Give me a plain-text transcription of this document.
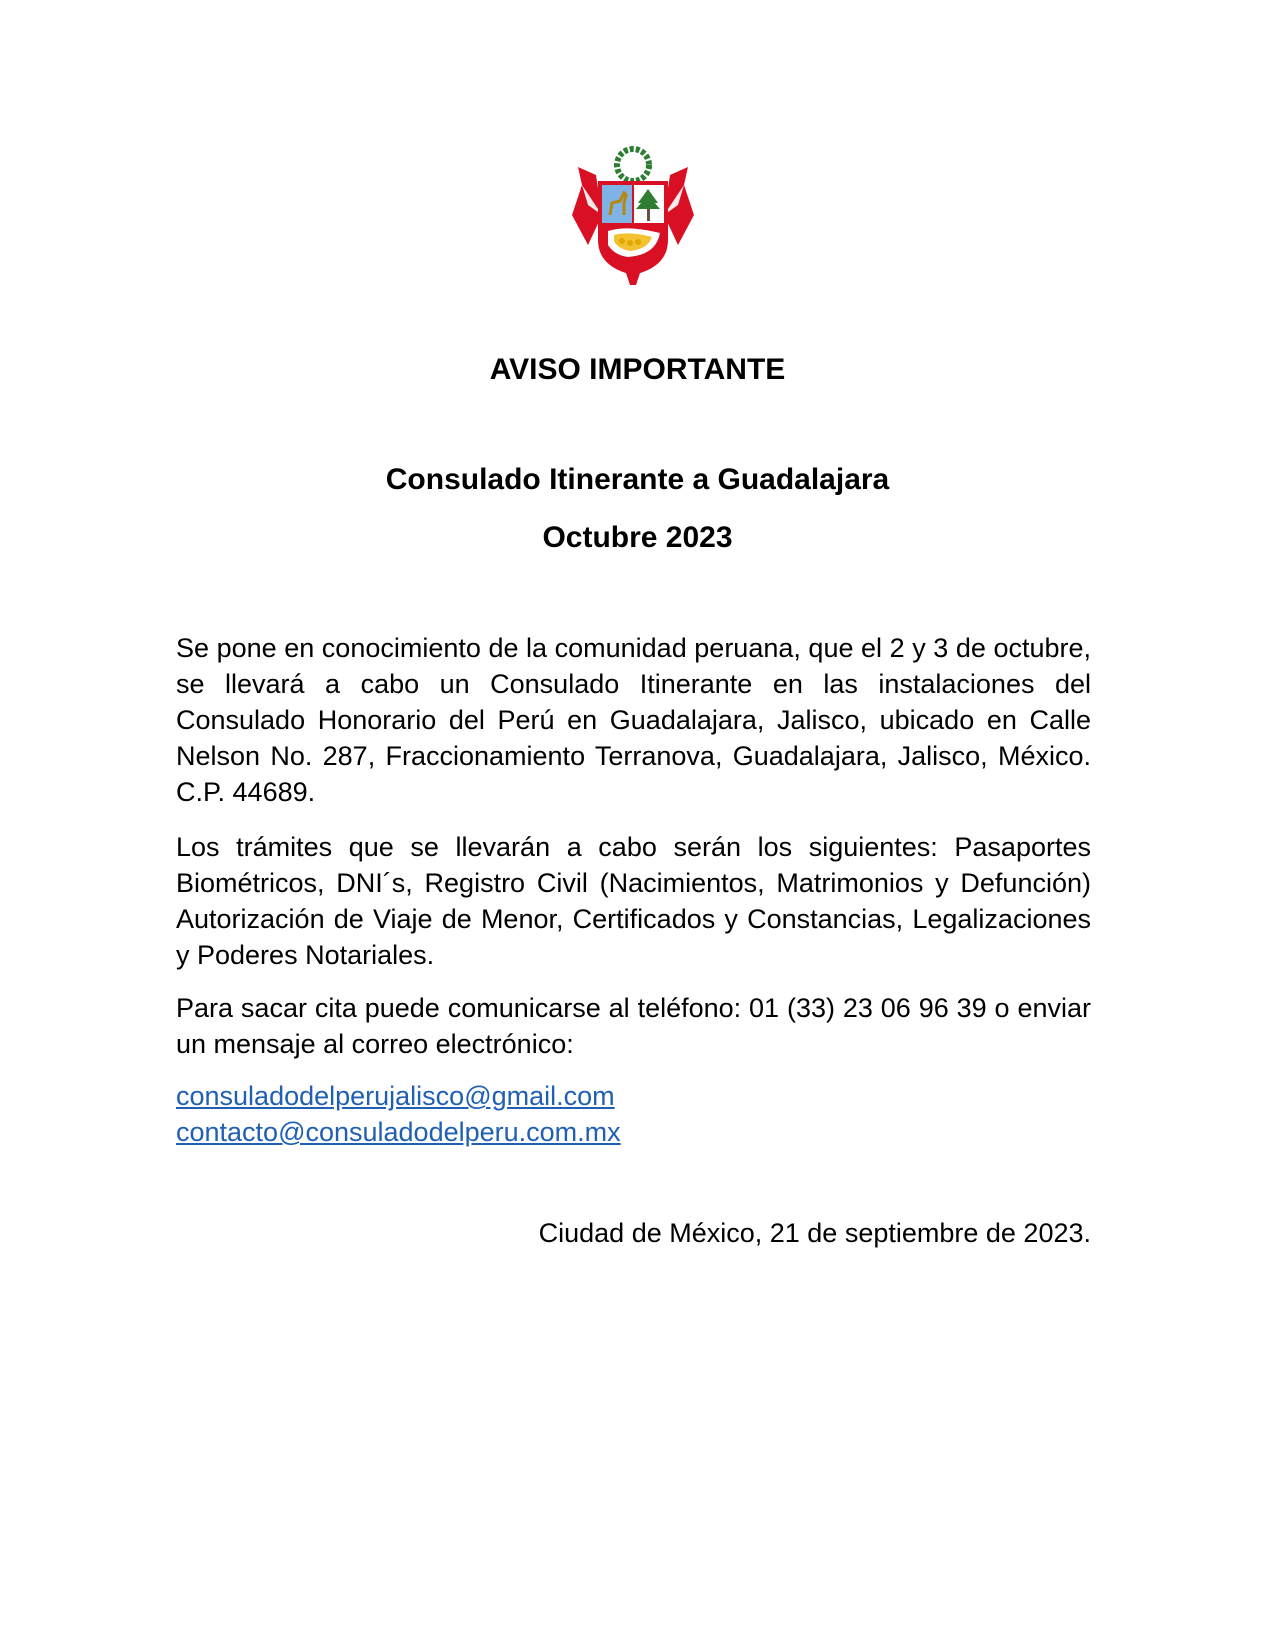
AVISO IMPORTANTE
Consulado Itinerante a Guadalajara
Octubre 2023
Se pone en conocimiento de la comunidad peruana, que el 2 y 3 de octubre, se llevará a cabo un Consulado Itinerante en las instalaciones del Consulado Honorario del Perú en Guadalajara, Jalisco, ubicado en Calle Nelson No. 287, Fraccionamiento Terranova, Guadalajara, Jalisco, México. C.P. 44689.
Los trámites que se llevarán a cabo serán los siguientes: Pasaportes Biométricos, DNI´s, Registro Civil (Nacimientos, Matrimonios y Defunción) Autorización de Viaje de Menor, Certificados y Constancias, Legalizaciones y Poderes Notariales.
Para sacar cita puede comunicarse al teléfono: 01 (33) 23 06 96 39 o enviar un mensaje al correo electrónico:
consuladodelperujalisco@gmail.com
contacto@consuladodelperu.com.mx
Ciudad de México, 21 de septiembre de 2023.
